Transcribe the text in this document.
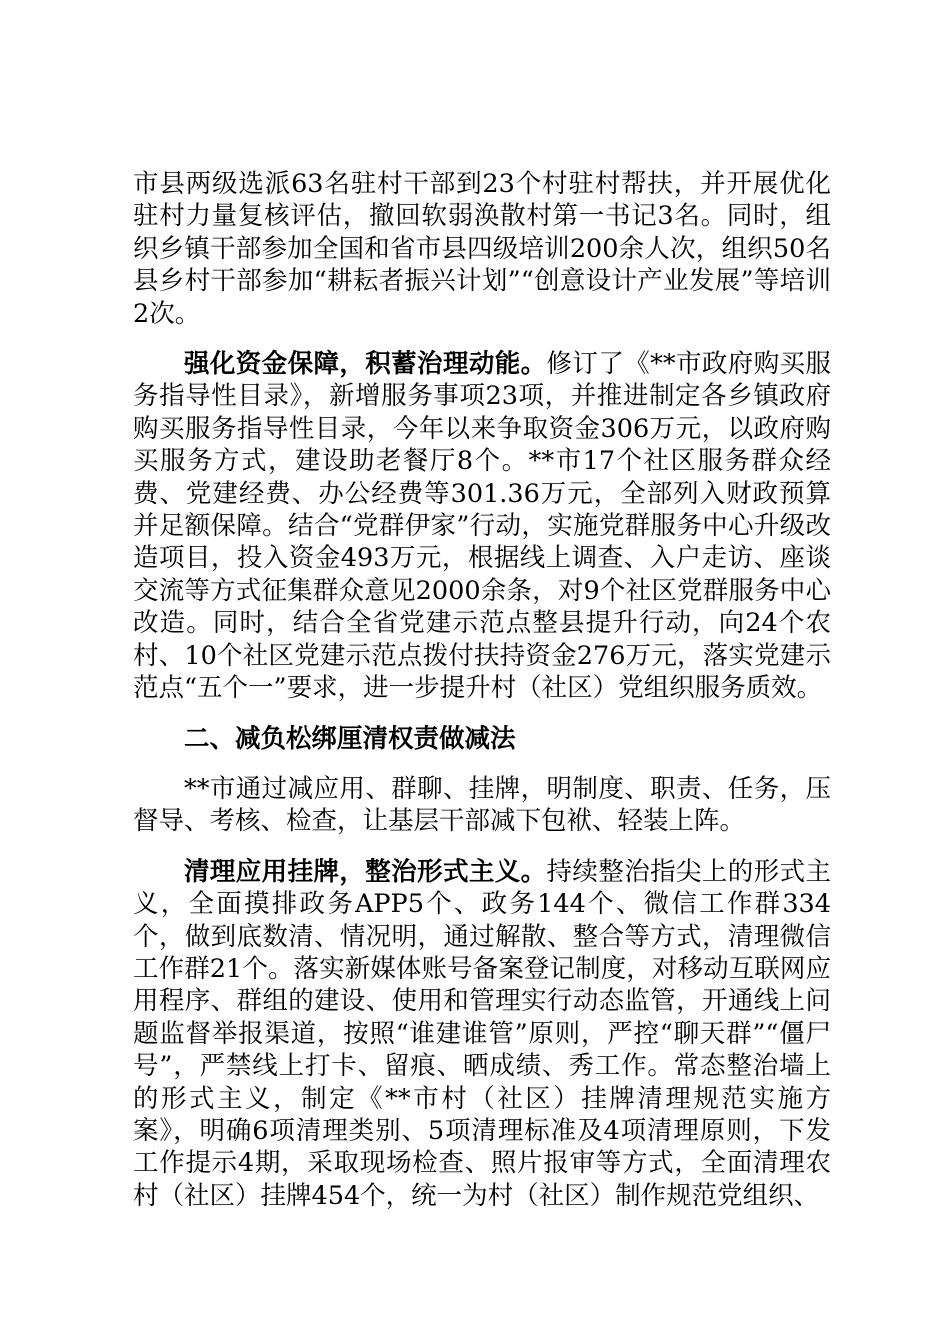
市县两级选派63名驻村干部到23个村驻村帮扶，并开展优化驻村力量复核评估，撤回软弱涣散村第一书记3名。同时，组织乡镇干部参加全国和省市县四级培训200余人次，组织50名县乡村干部参加“耕耘者振兴计划”“创意设计产业发展”等培训2次。

强化资金保障，积蓄治理动能。修订了《**市政府购买服务指导性目录》，新增服务事项23项，并推进制定各乡镇政府购买服务指导性目录，今年以来争取资金306万元，以政府购买服务方式，建设助老餐厅8个。**市17个社区服务群众经费、党建经费、办公经费等301.36万元，全部列入财政预算并足额保障。结合“党群伊家”行动，实施党群服务中心升级改造项目，投入资金493万元，根据线上调查、入户走访、座谈交流等方式征集群众意见2000余条，对9个社区党群服务中心改造。同时，结合全省党建示范点整县提升行动，向24个农村、10个社区党建示范点拨付扶持资金276万元，落实党建示范点“五个一”要求，进一步提升村（社区）党组织服务质效。

二、减负松绑厘清权责做减法

**市通过减应用、群聊、挂牌，明制度、职责、任务，压督导、考核、检查，让基层干部减下包袱、轻装上阵。

清理应用挂牌，整治形式主义。持续整治指尖上的形式主义，全面摸排政务APP5个、政务144个、微信工作群334个，做到底数清、情况明，通过解散、整合等方式，清理微信工作群21个。落实新媒体账号备案登记制度，对移动互联网应用程序、群组的建设、使用和管理实行动态监管，开通线上问题监督举报渠道，按照“谁建谁管”原则，严控“聊天群”“僵尸号”，严禁线上打卡、留痕、晒成绩、秀工作。常态整治墙上的形式主义，制定《**市村（社区）挂牌清理规范实施方案》，明确6项清理类别、5项清理标准及4项清理原则，下发工作提示4期，采取现场检查、照片报审等方式，全面清理农村（社区）挂牌454个，统一为村（社区）制作规范党组织、
